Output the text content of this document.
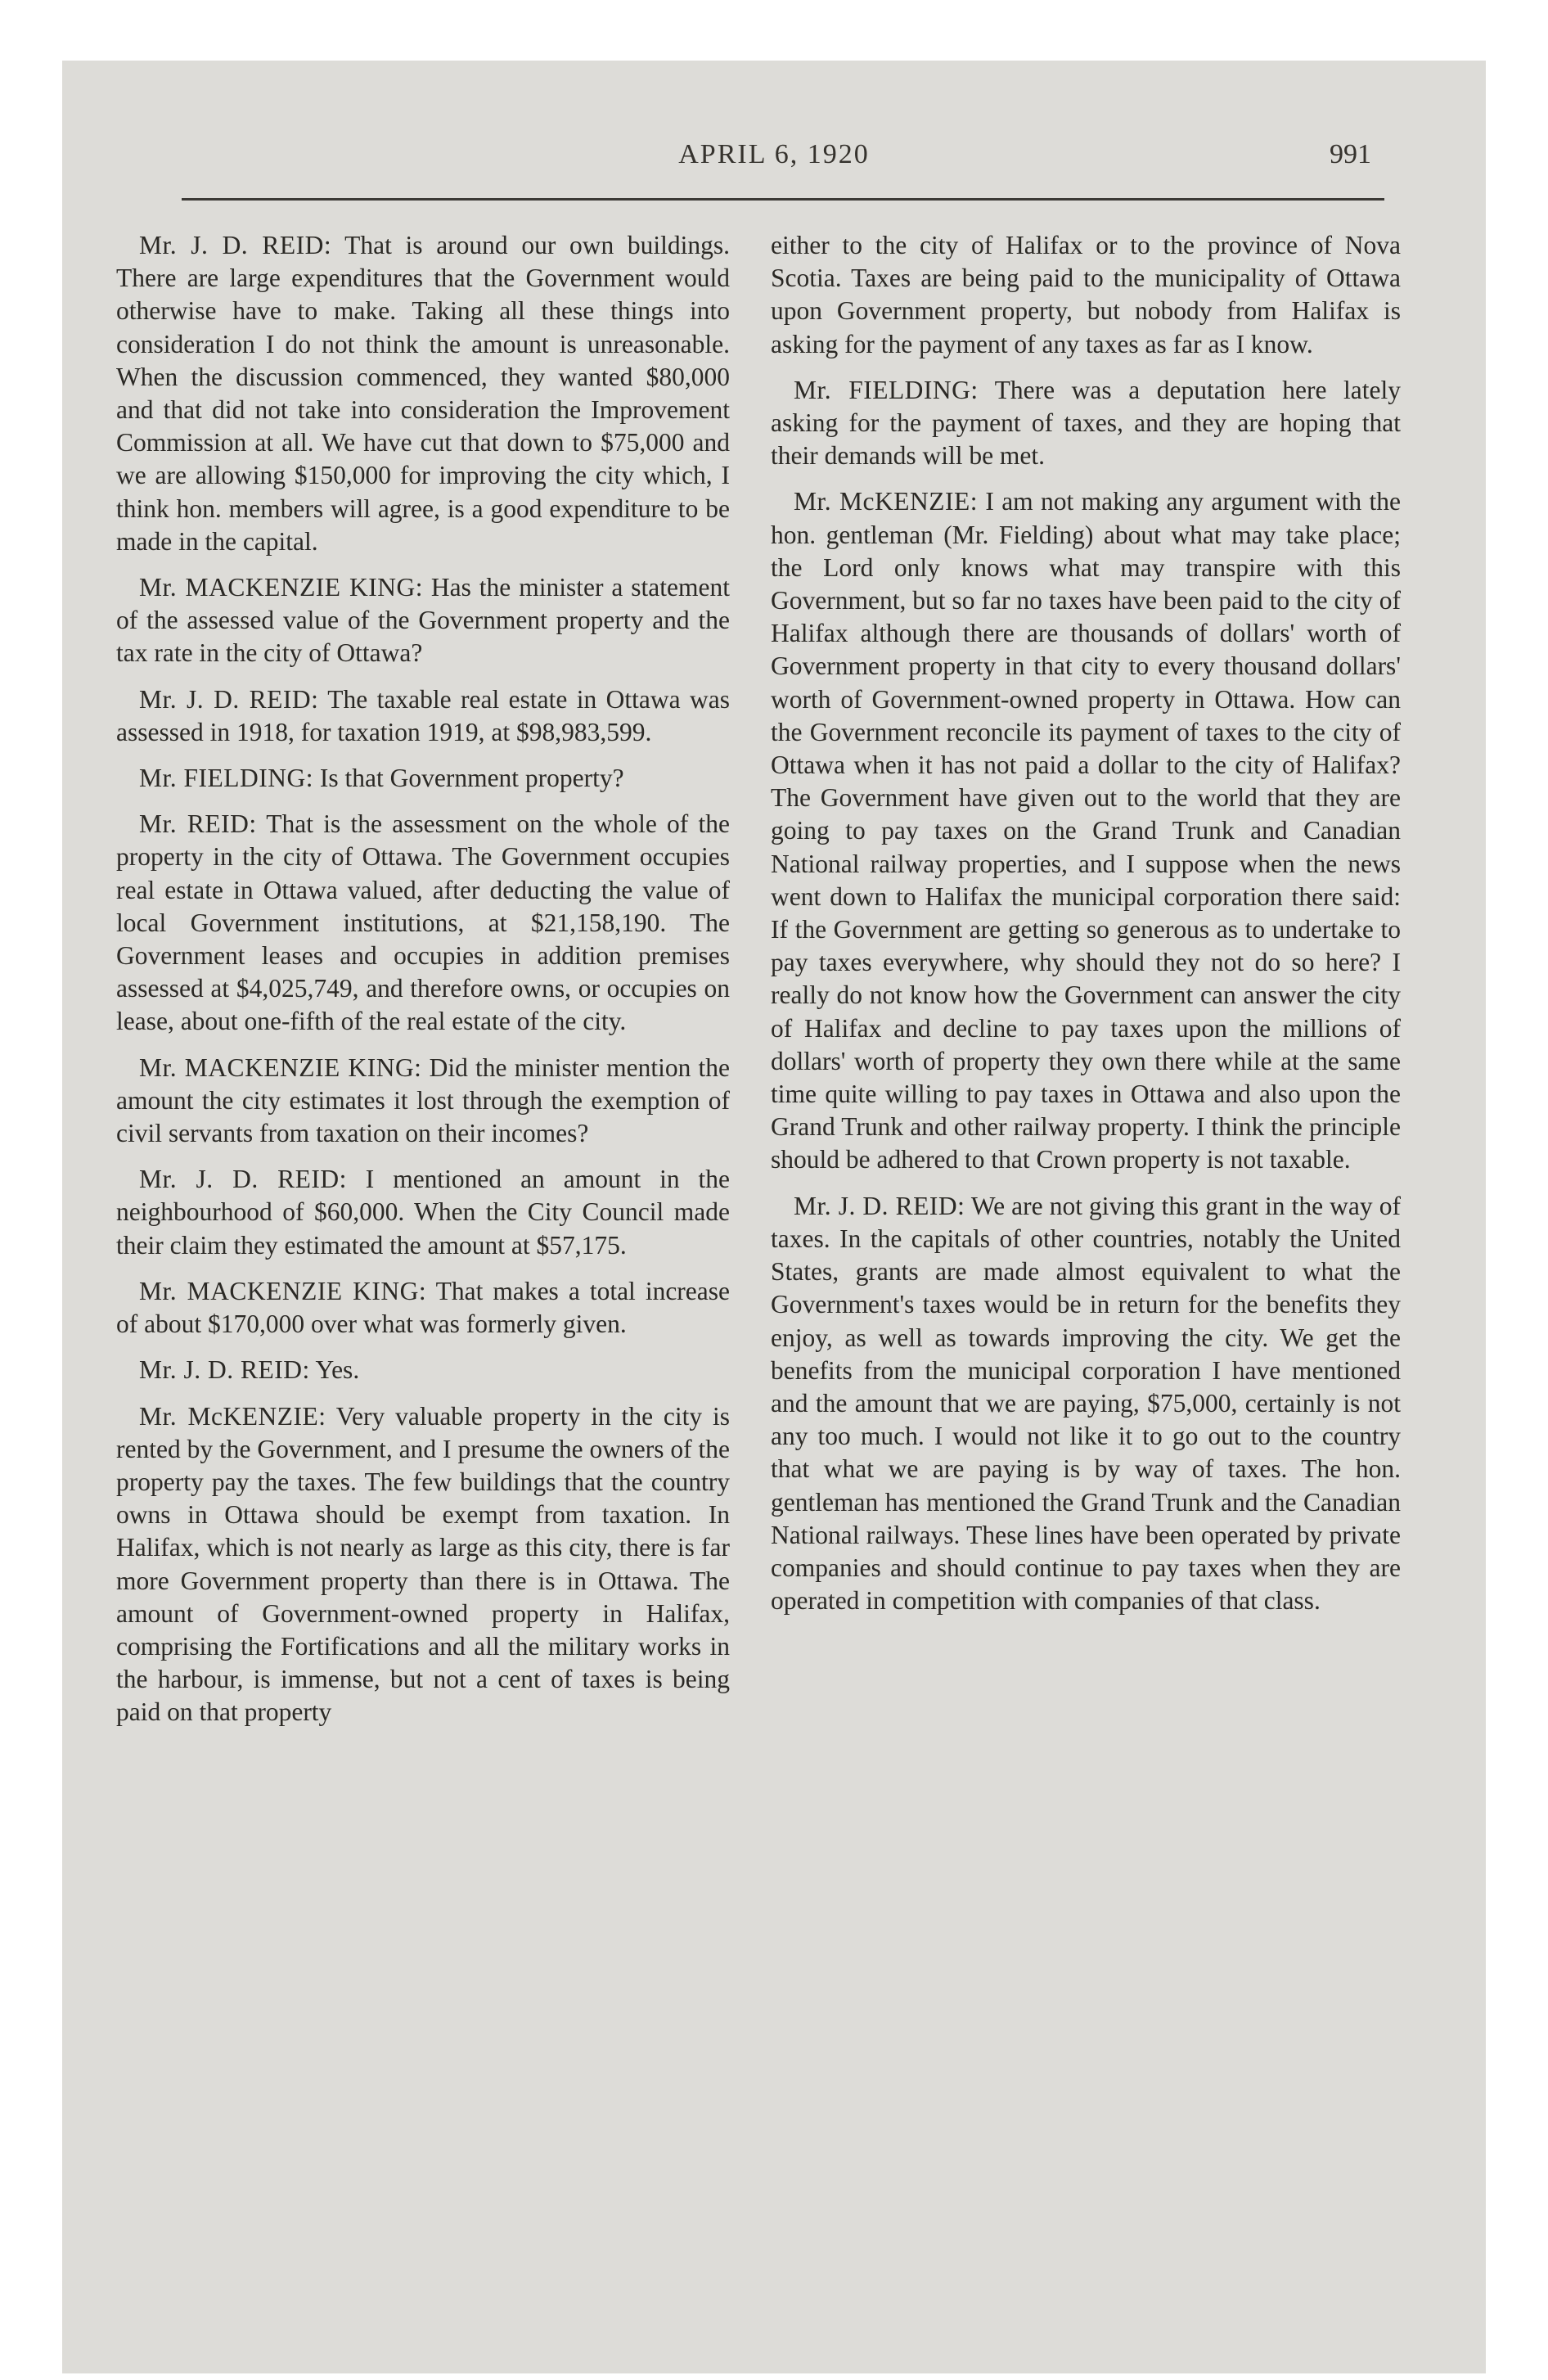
APRIL 6, 1920	991

Mr. J. D. REID: That is around our own buildings. There are large expenditures that the Government would otherwise have to make. Taking all these things into consideration I do not think the amount is unreasonable. When the discussion commenced, they wanted $80,000 and that did not take into consideration the Improvement Commission at all. We have cut that down to $75,000 and we are allowing $150,000 for improving the city which, I think hon. members will agree, is a good expenditure to be made in the capital.

Mr. MACKENZIE KING: Has the minister a statement of the assessed value of the Government property and the tax rate in the city of Ottawa?

Mr. J. D. REID: The taxable real estate in Ottawa was assessed in 1918, for taxation 1919, at $98,983,599.

Mr. FIELDING: Is that Government property?

Mr. REID: That is the assessment on the whole of the property in the city of Ottawa. The Government occupies real estate in Ottawa valued, after deducting the value of local Government institutions, at $21,158,190. The Government leases and occupies in addition premises assessed at $4,025,749, and therefore owns, or occupies on lease, about one-fifth of the real estate of the city.

Mr. MACKENZIE KING: Did the minister mention the amount the city estimates it lost through the exemption of civil servants from taxation on their incomes?

Mr. J. D. REID: I mentioned an amount in the neighbourhood of $60,000. When the City Council made their claim they estimated the amount at $57,175.

Mr. MACKENZIE KING: That makes a total increase of about $170,000 over what was formerly given.

Mr. J. D. REID: Yes.

Mr. McKENZIE: Very valuable property in the city is rented by the Government, and I presume the owners of the property pay the taxes. The few buildings that the country owns in Ottawa should be exempt from taxation. In Halifax, which is not nearly as large as this city, there is far more Government property than there is in Ottawa. The amount of Government-owned property in Halifax, comprising the Fortifications and all the military works in the harbour, is immense, but not a cent of taxes is being paid on that property

either to the city of Halifax or to the province of Nova Scotia. Taxes are being paid to the municipality of Ottawa upon Government property, but nobody from Halifax is asking for the payment of any taxes as far as I know.

Mr. FIELDING: There was a deputation here lately asking for the payment of taxes, and they are hoping that their demands will be met.

Mr. McKENZIE: I am not making any argument with the hon. gentleman (Mr. Fielding) about what may take place; the Lord only knows what may transpire with this Government, but so far no taxes have been paid to the city of Halifax although there are thousands of dollars' worth of Government property in that city to every thousand dollars' worth of Government-owned property in Ottawa. How can the Government reconcile its payment of taxes to the city of Ottawa when it has not paid a dollar to the city of Halifax? The Government have given out to the world that they are going to pay taxes on the Grand Trunk and Canadian National railway properties, and I suppose when the news went down to Halifax the municipal corporation there said: If the Government are getting so generous as to undertake to pay taxes everywhere, why should they not do so here? I really do not know how the Government can answer the city of Halifax and decline to pay taxes upon the millions of dollars' worth of property they own there while at the same time quite willing to pay taxes in Ottawa and also upon the Grand Trunk and other railway property. I think the principle should be adhered to that Crown property is not taxable.

Mr. J. D. REID: We are not giving this grant in the way of taxes. In the capitals of other countries, notably the United States, grants are made almost equivalent to what the Government's taxes would be in return for the benefits they enjoy, as well as towards improving the city. We get the benefits from the municipal corporation I have mentioned and the amount that we are paying, $75,000, certainly is not any too much. I would not like it to go out to the country that what we are paying is by way of taxes. The hon. gentleman has mentioned the Grand Trunk and the Canadian National railways. These lines have been operated by private companies and should continue to pay taxes when they are operated in competition with companies of that class.
